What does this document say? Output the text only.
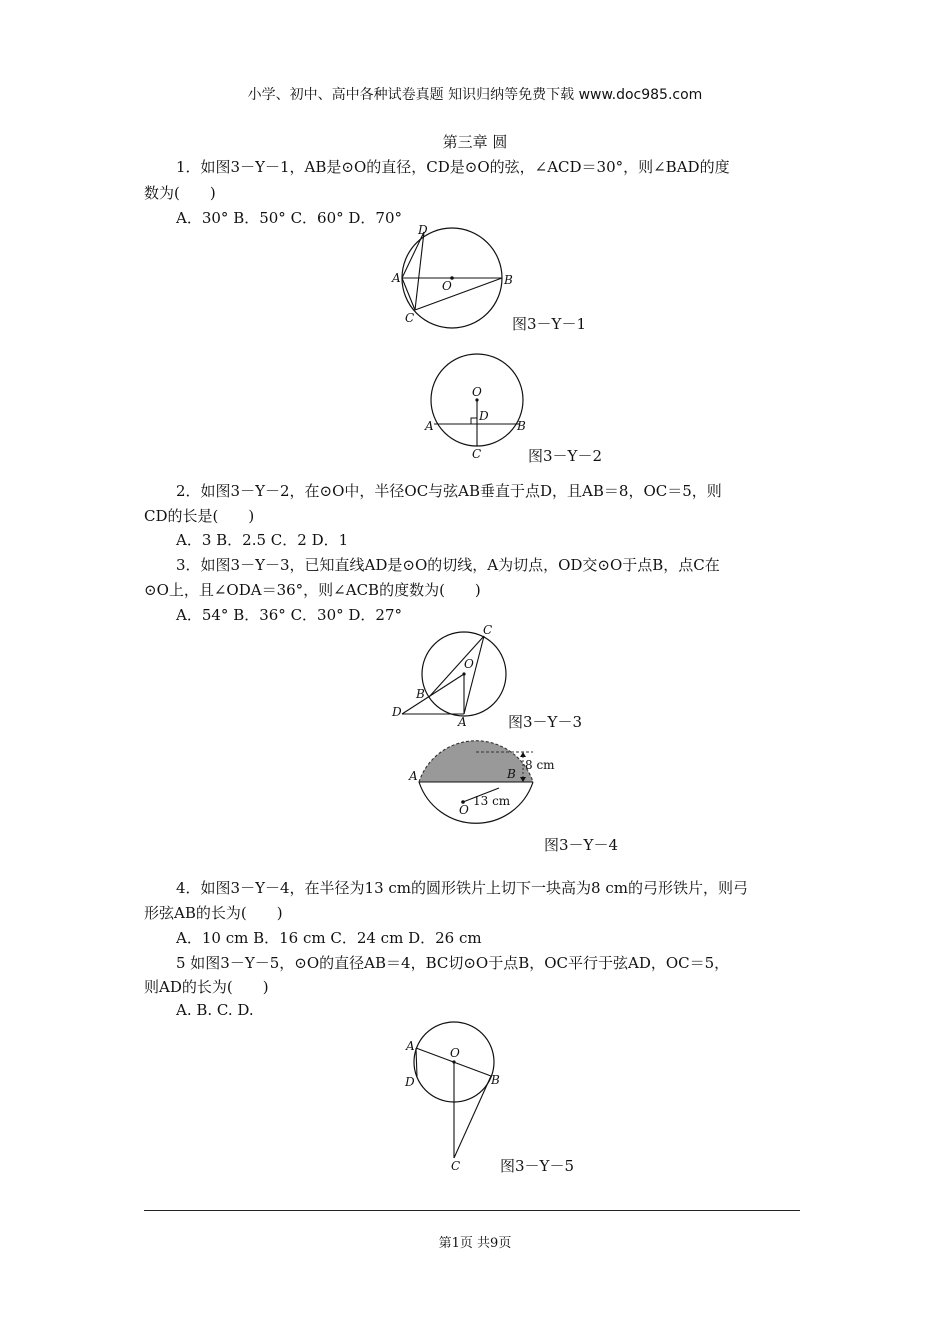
小学、初中、高中各种试卷真题 知识归纳等免费下载 www.doc985.com
第三章 圆
1．如图3－Y－1，AB是⊙O的直径，CD是⊙O的弦，∠ACD＝30°，则∠BAD的度
数为(　　)
A．30° B．50° C．60° D．70°
D
A
O	B
C	图3－Y－1
O
D
A	B
C	图3－Y－2
2．如图3－Y－2，在⊙O中，半径OC与弦AB垂直于点D，且AB＝8，OC＝5，则
CD的长是(　　)
A．3 B．2.5 C．2 D．1
3．如图3－Y－3，已知直线AD是⊙O的切线，A为切点，OD交⊙O于点B，点C在
⊙O上，且∠ODA＝36°，则∠ACB的度数为(　　)
A．54° B．36° C．30° D．27°
C
O
B
D
A	图3－Y－3
A	B
O
8 cm
13 cm
图3－Y－4
4．如图3－Y－4，在半径为13 cm的圆形铁片上切下一块高为8 cm的弓形铁片，则弓
形弦AB的长为(　　)
A．10 cm B．16 cm C．24 cm D．26 cm
5 如图3－Y－5，⊙O的直径AB＝4，BC切⊙O于点B，OC平行于弦AD，OC＝5，
则AD的长为(　　)
A. B. C. D.
A	O
D	B
C	图3－Y－5
第1页 共9页
